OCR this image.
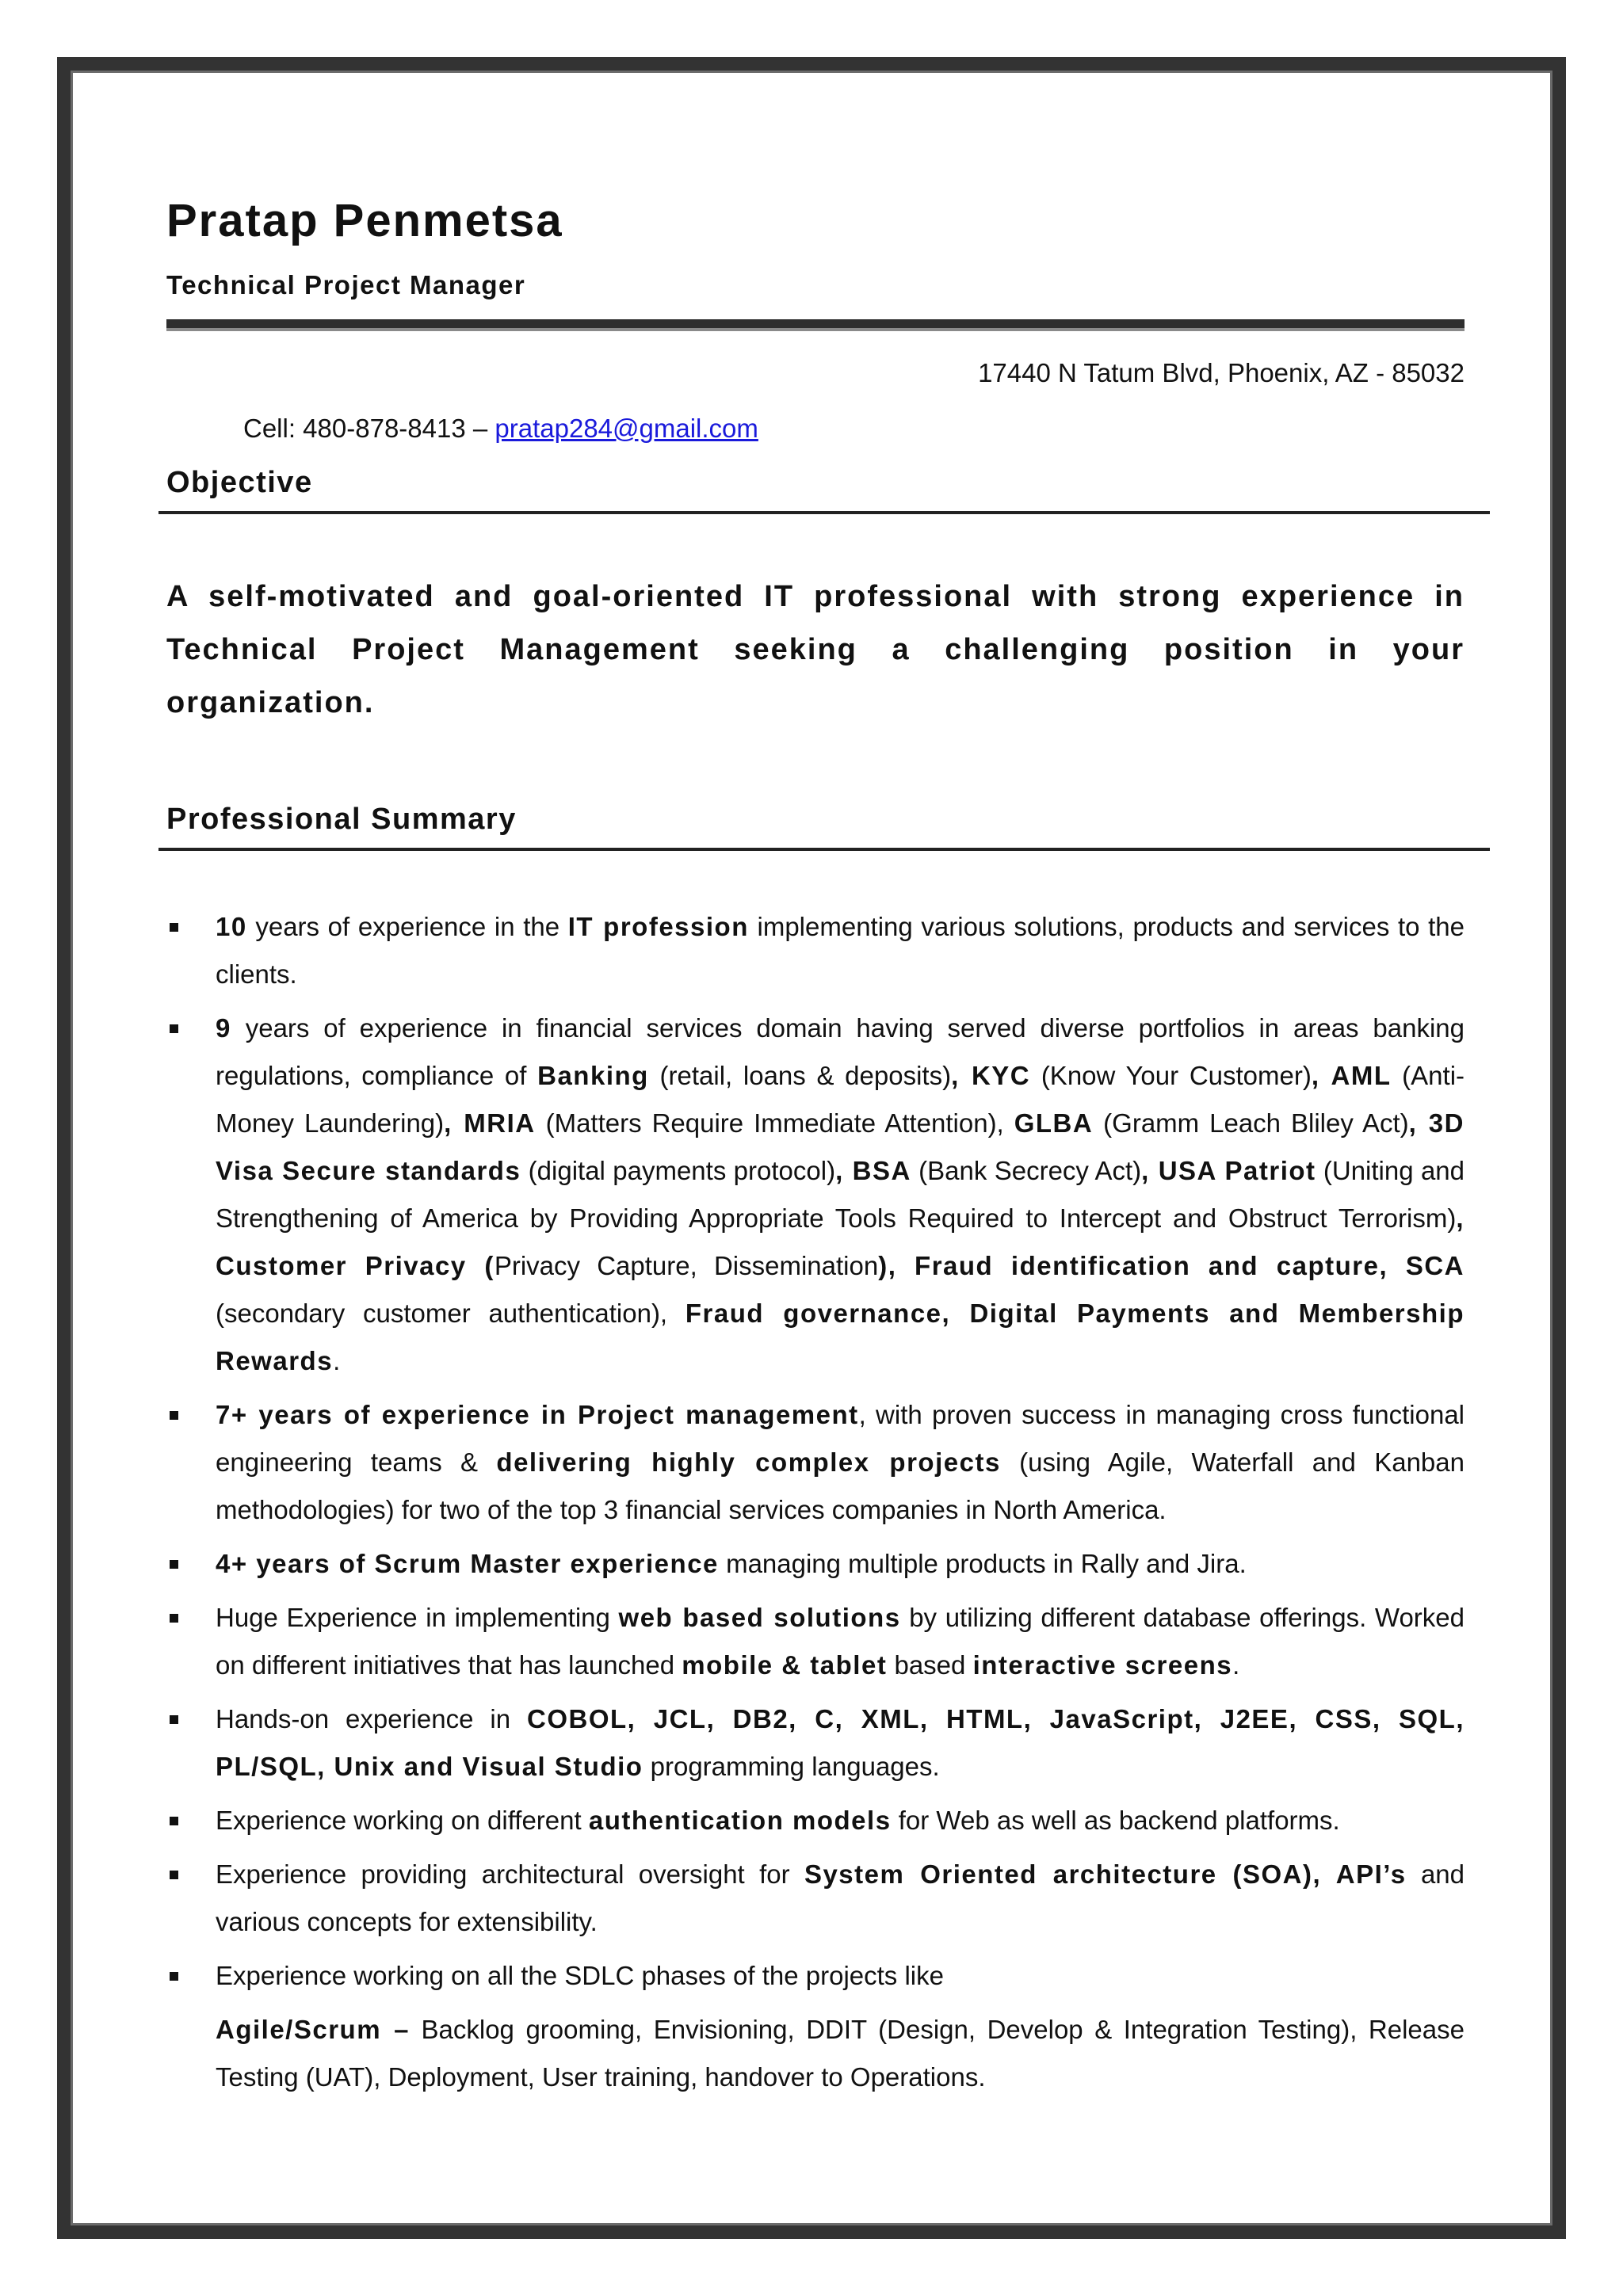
Pratap Penmetsa
Technical Project Manager
17440 N Tatum Blvd, Phoenix, AZ - 85032
Cell: 480-878-8413 – pratap284@gmail.com
Objective

A self-motivated and goal-oriented IT professional with strong experience in Technical Project Management seeking a challenging position in your organization.

Professional Summary
10 years of experience in the IT profession implementing various solutions, products and services to the clients.
9 years of experience in financial services domain having served diverse portfolios in areas banking regulations, compliance of Banking (retail, loans & deposits), KYC (Know Your Customer), AML (Anti-Money Laundering), MRIA (Matters Require Immediate Attention), GLBA (Gramm Leach Bliley Act), 3D Visa Secure standards (digital payments protocol), BSA (Bank Secrecy Act), USA Patriot (Uniting and Strengthening of America by Providing Appropriate Tools Required to Intercept and Obstruct Terrorism), Customer Privacy (Privacy Capture, Dissemination), Fraud identification and capture, SCA (secondary customer authentication), Fraud governance, Digital Payments and Membership Rewards.
7+ years of experience in Project management, with proven success in managing cross functional engineering teams & delivering highly complex projects (using Agile, Waterfall and Kanban methodologies) for two of the top 3 financial services companies in North America.
4+ years of Scrum Master experience managing multiple products in Rally and Jira.
Huge Experience in implementing web based solutions by utilizing different database offerings. Worked on different initiatives that has launched mobile & tablet based interactive screens.
Hands-on experience in COBOL, JCL, DB2, C, XML, HTML, JavaScript, J2EE, CSS, SQL, PL/SQL, Unix and Visual Studio programming languages.
Experience working on different authentication models for Web as well as backend platforms.
Experience providing architectural oversight for System Oriented architecture (SOA), API’s and various concepts for extensibility.
Experience working on all the SDLC phases of the projects like
Agile/Scrum – Backlog grooming, Envisioning, DDIT (Design, Develop & Integration Testing), Release Testing (UAT), Deployment, User training, handover to Operations.
